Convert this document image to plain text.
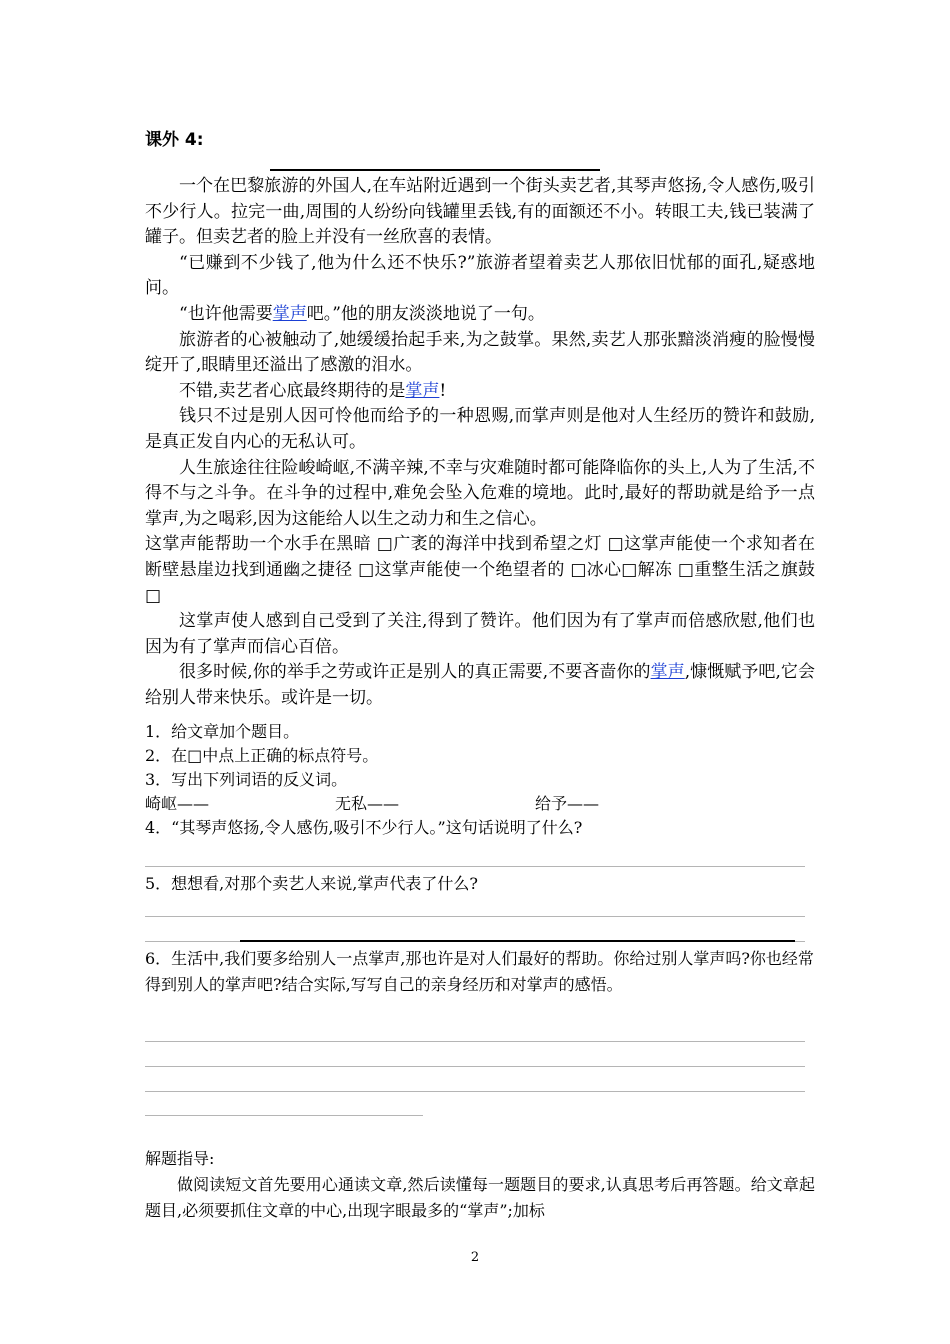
课外 4:

一个在巴黎旅游的外国人,在车站附近遇到一个街头卖艺者,其琴声悠扬,令人感伤,吸引不少行人。拉完一曲,周围的人纷纷向钱罐里丢钱,有的面额还不小。转眼工夫,钱已装满了罐子。但卖艺者的脸上并没有一丝欣喜的表情。

“已赚到不少钱了,他为什么还不快乐?”旅游者望着卖艺人那依旧忧郁的面孔,疑惑地问。

“也许他需要掌声吧。”他的朋友淡淡地说了一句。

旅游者的心被触动了,她缓缓抬起手来,为之鼓掌。果然,卖艺人那张黯淡消瘦的脸慢慢绽开了,眼睛里还溢出了感激的泪水。

不错,卖艺者心底最终期待的是掌声!

钱只不过是别人因可怜他而给予的一种恩赐,而掌声则是他对人生经历的赞许和鼓励,是真正发自内心的无私认可。

人生旅途往往险峻崎岖,不满辛辣,不幸与灾难随时都可能降临你的头上,人为了生活,不得不与之斗争。在斗争的过程中,难免会坠入危难的境地。此时,最好的帮助就是给予一点掌声,为之喝彩,因为这能给人以生之动力和生之信心。

这掌声能帮助一个水手在黑暗 □广袤的海洋中找到希望之灯 □这掌声能使一个求知者在断壁悬崖边找到通幽之捷径 □这掌声能使一个绝望者的 □冰心□解冻 □重整生活之旗鼓 □

这掌声使人感到自己受到了关注,得到了赞许。他们因为有了掌声而倍感欣慰,他们也因为有了掌声而信心百倍。

很多时候,你的举手之劳或许正是别人的真正需要,不要吝啬你的掌声,慷慨赋予吧,它会给别人带来快乐。或许是一切。

1．给文章加个题目。

2．在□中点上正确的标点符号。

3．写出下列词语的反义词。

崎岖——	无私——	给予——

4．“其琴声悠扬,令人感伤,吸引不少行人。”这句话说明了什么?

5．想想看,对那个卖艺人来说,掌声代表了什么?

6．生活中,我们要多给别人一点掌声,那也许是对人们最好的帮助。你给过别人掌声吗?你也经常得到别人的掌声吧?结合实际,写写自己的亲身经历和对掌声的感悟。

解题指导:

做阅读短文首先要用心通读文章,然后读懂每一题题目的要求,认真思考后再答题。给文章起题目,必须要抓住文章的中心,出现字眼最多的“掌声”;加标

2
